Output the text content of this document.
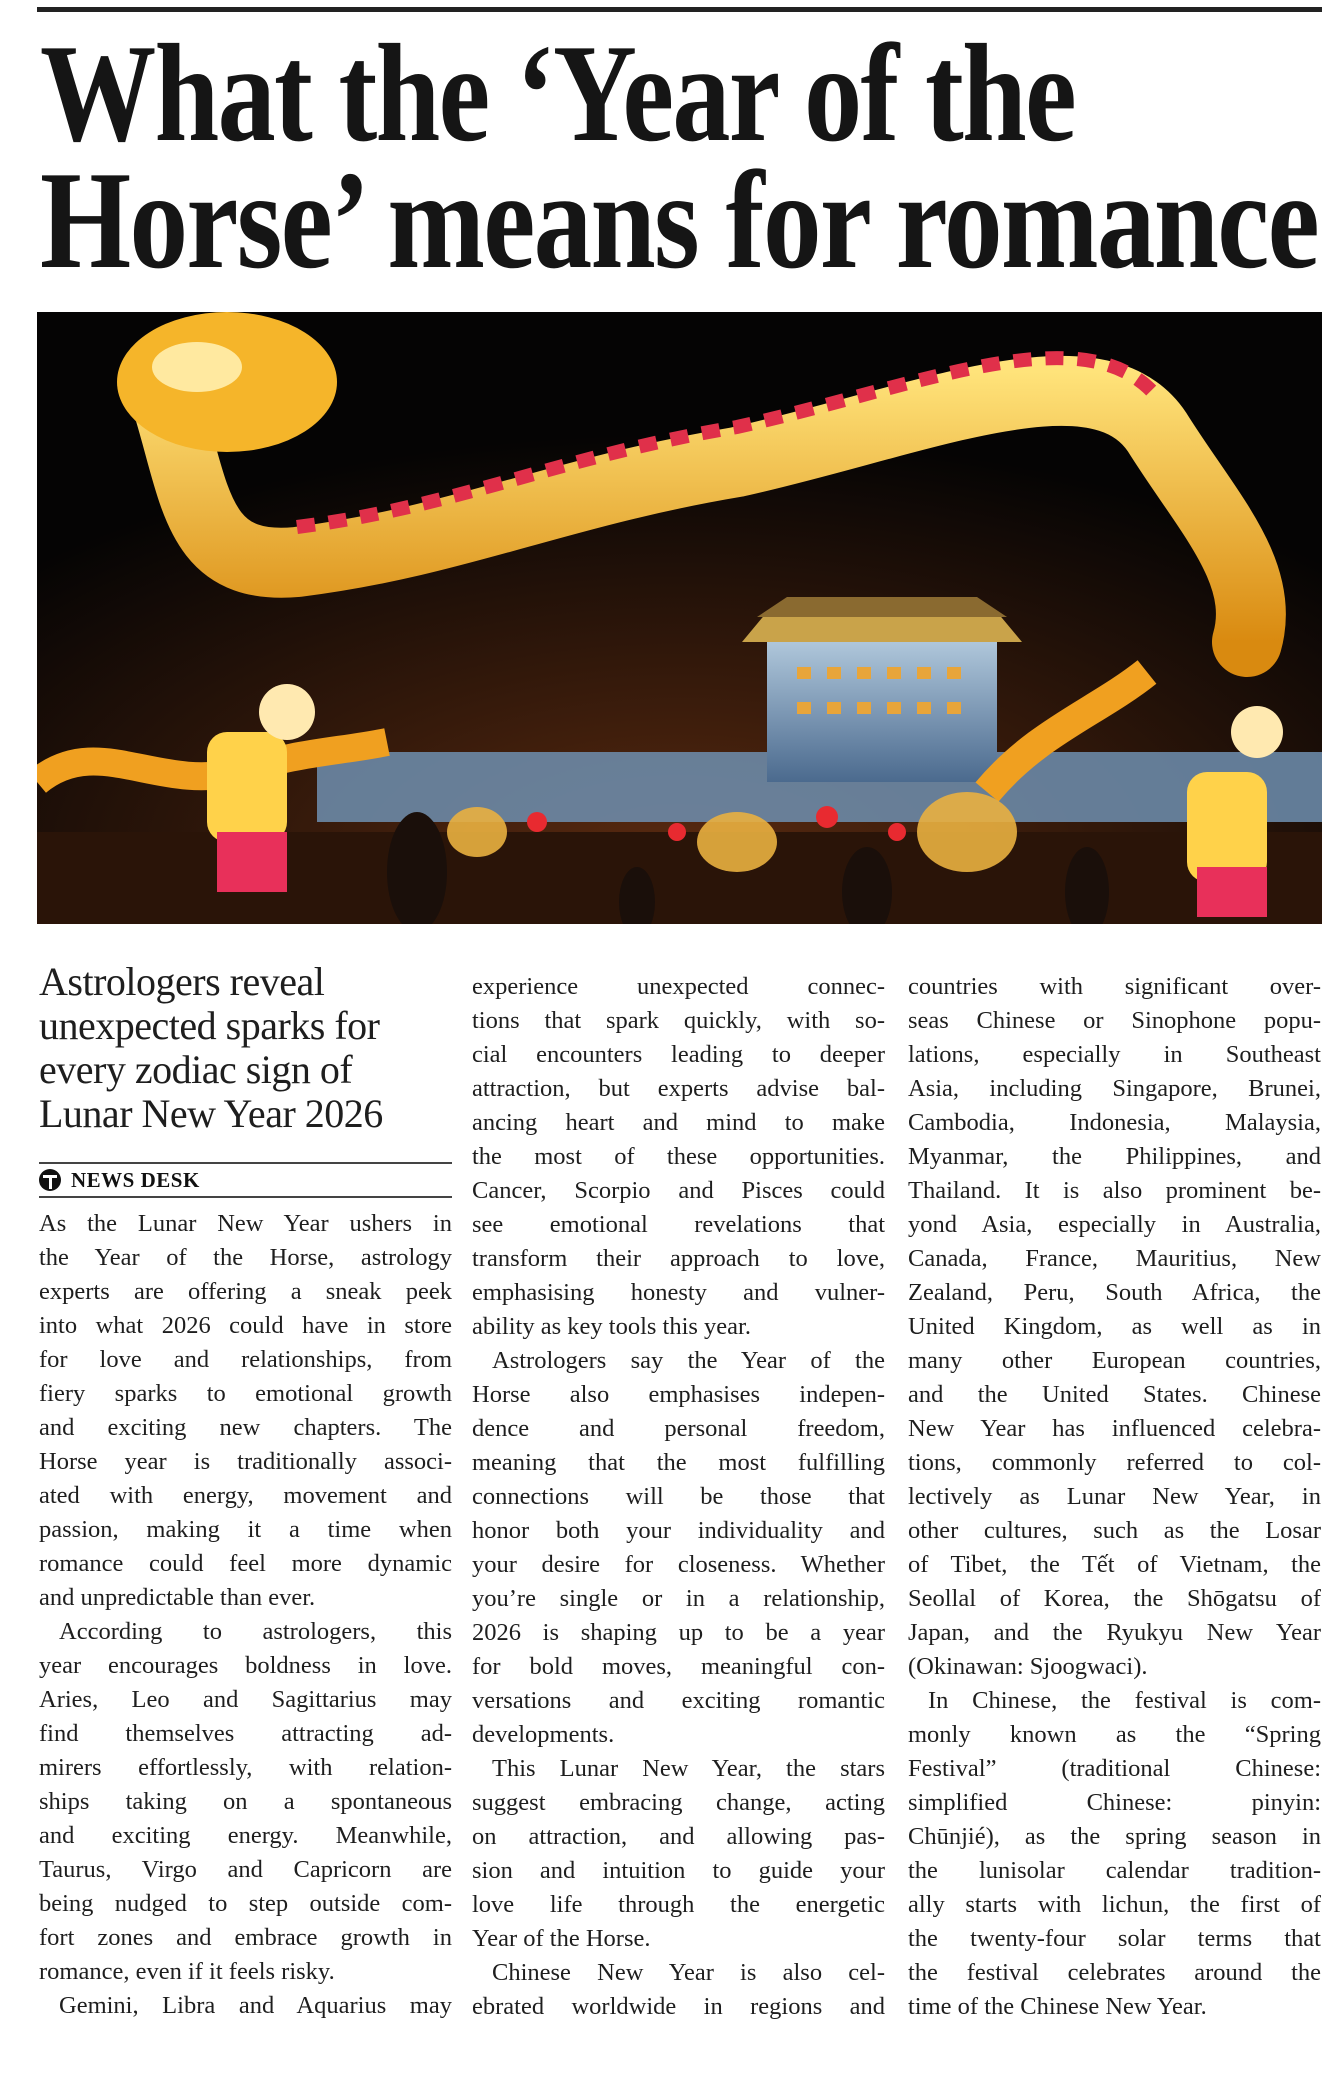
What the ‘Year of the
Horse’ means for romance
Astrologers reveal
unexpected sparks for
every zodiac sign of
Lunar New Year 2026
NEWS DESK
As the Lunar New Year ushers in
the Year of the Horse, astrology
experts are offering a sneak peek
into what 2026 could have in store
for love and relationships, from
fiery sparks to emotional growth
and exciting new chapters. The
Horse year is traditionally associ-
ated with energy, movement and
passion, making it a time when
romance could feel more dynamic
and unpredictable than ever.
According to astrologers, this
year encourages boldness in love.
Aries, Leo and Sagittarius may
find themselves attracting ad-
mirers effortlessly, with relation-
ships taking on a spontaneous
and exciting energy. Meanwhile,
Taurus, Virgo and Capricorn are
being nudged to step outside com-
fort zones and embrace growth in
romance, even if it feels risky.
Gemini, Libra and Aquarius may
experience unexpected connec-
tions that spark quickly, with so-
cial encounters leading to deeper
attraction, but experts advise bal-
ancing heart and mind to make
the most of these opportunities.
Cancer, Scorpio and Pisces could
see emotional revelations that
transform their approach to love,
emphasising honesty and vulner-
ability as key tools this year.
Astrologers say the Year of the
Horse also emphasises indepen-
dence and personal freedom,
meaning that the most fulfilling
connections will be those that
honor both your individuality and
your desire for closeness. Whether
you’re single or in a relationship,
2026 is shaping up to be a year
for bold moves, meaningful con-
versations and exciting romantic
developments.
This Lunar New Year, the stars
suggest embracing change, acting
on attraction, and allowing pas-
sion and intuition to guide your
love life through the energetic
Year of the Horse.
Chinese New Year is also cel-
ebrated worldwide in regions and
countries with significant over-
seas Chinese or Sinophone popu-
lations, especially in Southeast
Asia, including Singapore, Brunei,
Cambodia, Indonesia, Malaysia,
Myanmar, the Philippines, and
Thailand. It is also prominent be-
yond Asia, especially in Australia,
Canada, France, Mauritius, New
Zealand, Peru, South Africa, the
United Kingdom, as well as in
many other European countries,
and the United States. Chinese
New Year has influenced celebra-
tions, commonly referred to col-
lectively as Lunar New Year, in
other cultures, such as the Losar
of Tibet, the Tết of Vietnam, the
Seollal of Korea, the Shōgatsu of
Japan, and the Ryukyu New Year
(Okinawan: Sjoogwaci).
In Chinese, the festival is com-
monly known as the “Spring
Festival” (traditional Chinese:
simplified Chinese: pinyin:
Chūnjié), as the spring season in
the lunisolar calendar tradition-
ally starts with lichun, the first of
the twenty-four solar terms that
the festival celebrates around the
time of the Chinese New Year.
